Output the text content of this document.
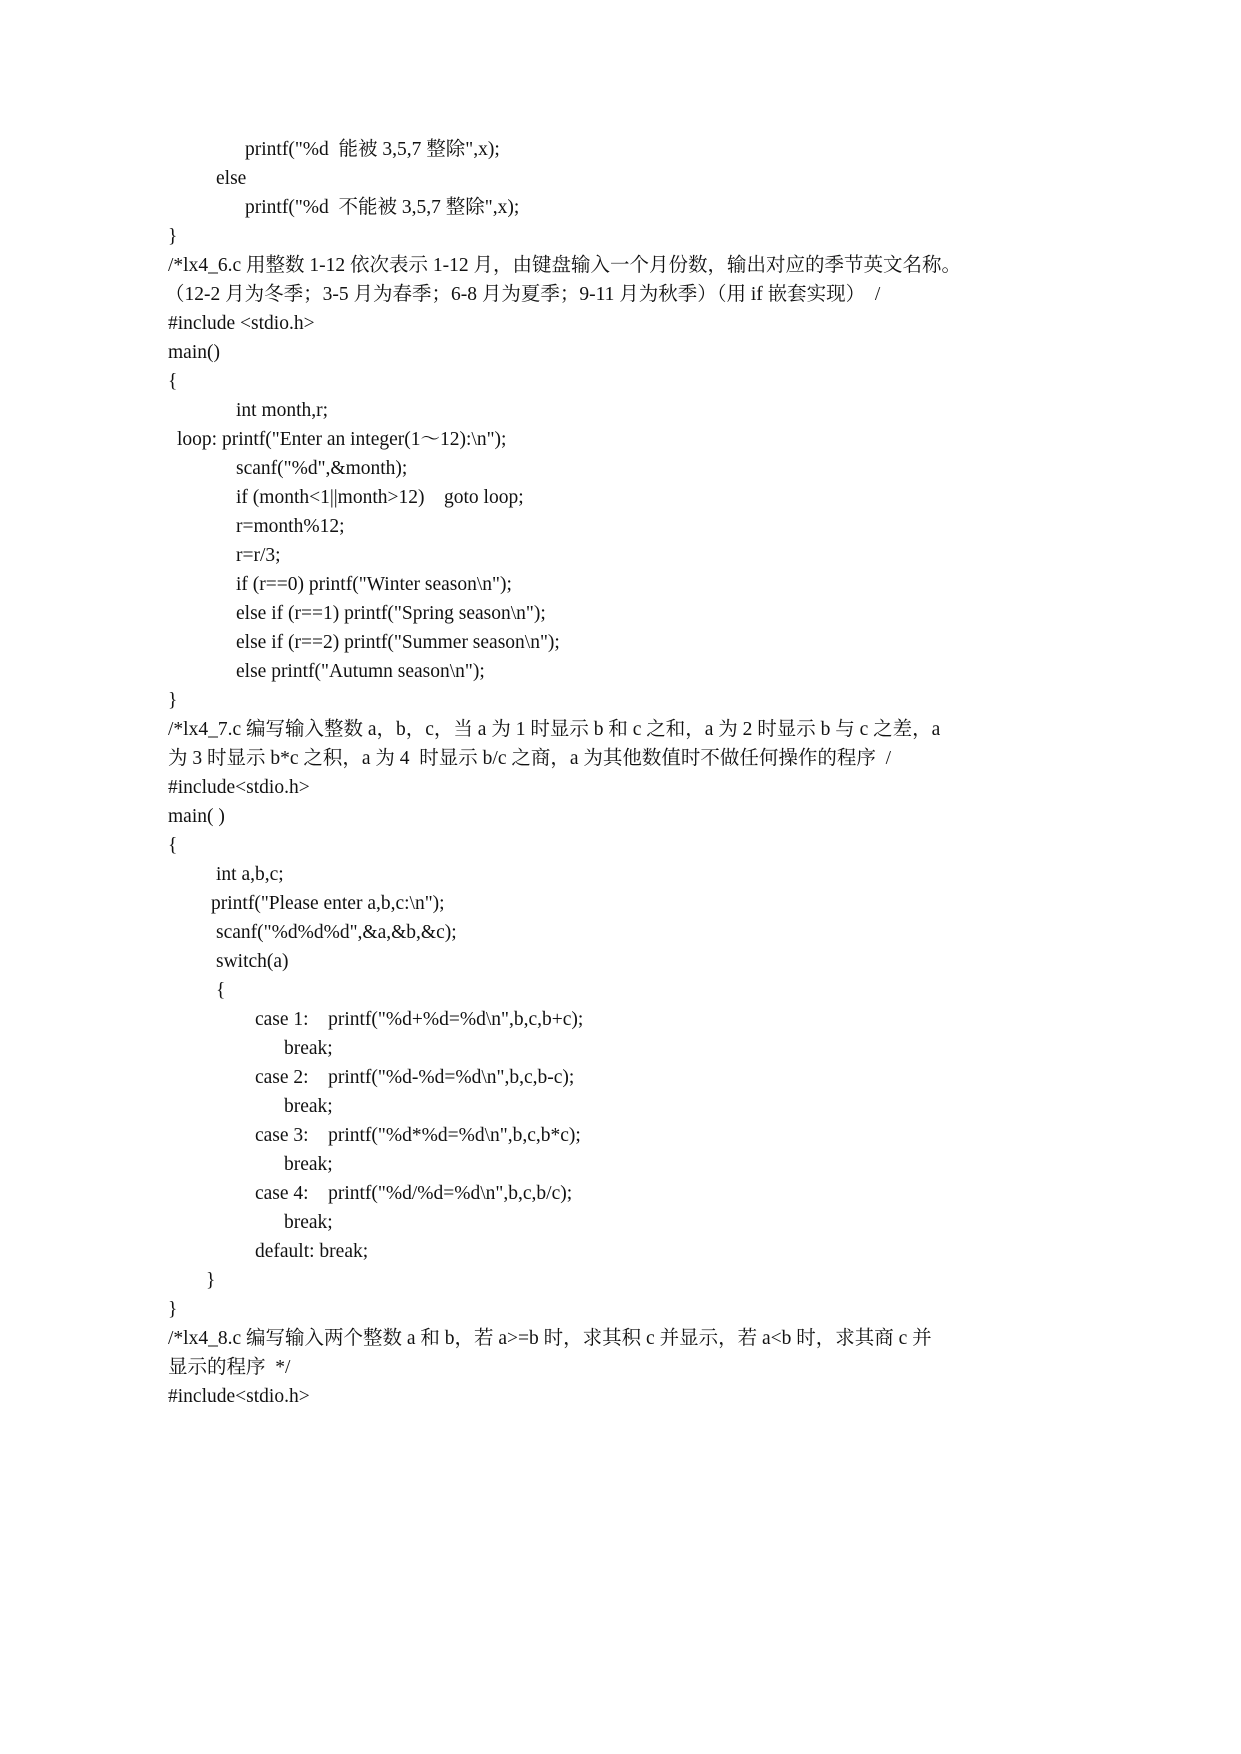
printf("%d  能被 3,5,7 整除",x);
else
printf("%d  不能被 3,5,7 整除",x);
}
/*lx4_6.c 用整数 1-12 依次表示 1-12 月，由键盘输入一个月份数，输出对应的季节英文名称。
（12-2 月为冬季；3-5 月为春季；6-8 月为夏季；9-11 月为秋季）（用 if 嵌套实现）  /
#include <stdio.h>
main()
{
int month,r;
loop: printf("Enter an integer(1～12):\n");
scanf("%d",&month);
if (month<1||month>12)    goto loop;
r=month%12;
r=r/3;
if (r==0) printf("Winter season\n");
else if (r==1) printf("Spring season\n");
else if (r==2) printf("Summer season\n");
else printf("Autumn season\n");
}
/*lx4_7.c 编写输入整数 a，b，c，当 a 为 1 时显示 b 和 c 之和，a 为 2 时显示 b 与 c 之差，a
为 3 时显示 b*c 之积，a 为 4  时显示 b/c 之商，a 为其他数值时不做任何操作的程序  /
#include<stdio.h>
main( )
{
int a,b,c;
printf("Please enter a,b,c:\n");
scanf("%d%d%d",&a,&b,&c);
switch(a)
{
case 1:    printf("%d+%d=%d\n",b,c,b+c);
break;
case 2:    printf("%d-%d=%d\n",b,c,b-c);
break;
case 3:    printf("%d*%d=%d\n",b,c,b*c);
break;
case 4:    printf("%d/%d=%d\n",b,c,b/c);
break;
default: break;
}
}
/*lx4_8.c 编写输入两个整数 a 和 b，若 a>=b 时，求其积 c 并显示，若 a<b 时，求其商 c 并
显示的程序  */
#include<stdio.h>
